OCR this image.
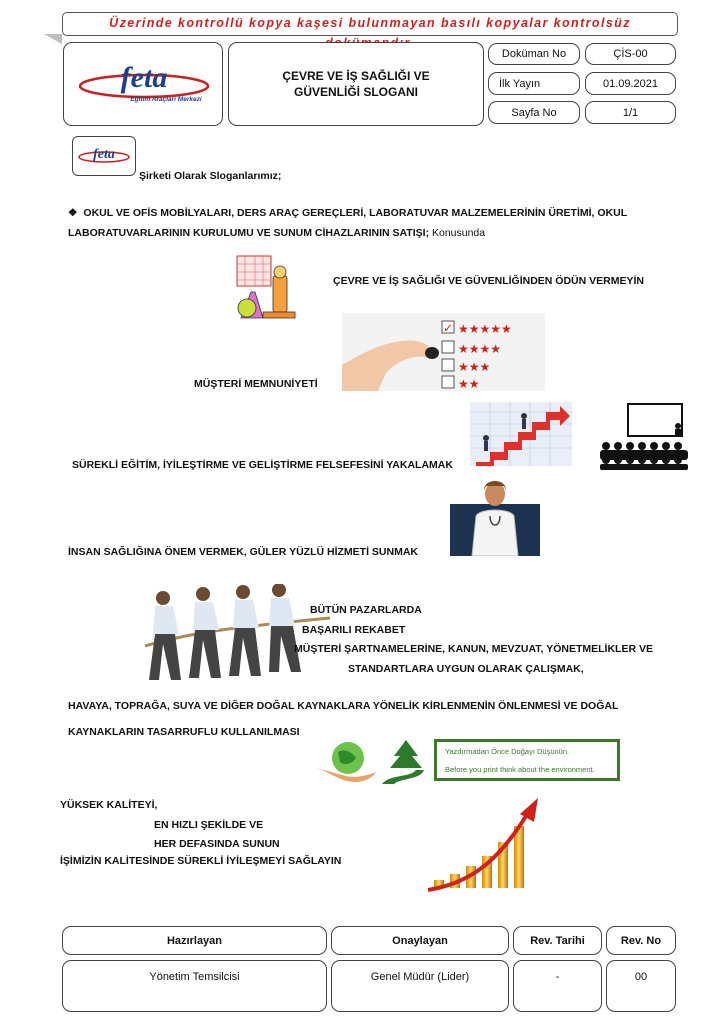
Üzerinde kontrollü kopya kaşesi bulunmayan basılı kopyalar kontrolsüz
feta
Eğitim Araçları Merkezi
ÇEVRE VE İŞ SAĞLIĞI VE GÜVENLİĞİ SLOGANI
Doküman No	ÇİS-00
İlk Yayın	01.09.2021
Sayfa No	1/1
feta
Şirketi Olarak Sloganlarımız;
❖ OKUL VE OFİS MOBİLYALARI, DERS ARAÇ GEREÇLERİ, LABORATUVAR MALZEMELERİNİN ÜRETİMİ, OKUL
LABORATUVARLARININ KURULUMU VE SUNUM CİHAZLARININ SATIŞI; Konusunda
ÇEVRE VE İŞ SAĞLIĞI VE GÜVENLİĞİNDEN ÖDÜN VERMEYİN
✓ ★★★★★
★★★★
★★★
★★
MÜŞTERİ MEMNUNİYETİ
SÜREKLİ EĞİTİM, İYİLEŞTİRME VE GELİŞTİRME FELSEFESİNİ YAKALAMAK
İNSAN SAĞLIĞINA ÖNEM VERMEK, GÜLER YÜZLÜ HİZMETİ SUNMAK
BÜTÜN PAZARLARDA
BAŞARILI REKABET
MÜŞTERİ ŞARTNAMELERİNE, KANUN, MEVZUAT, YÖNETMELİKLER VE
STANDARTLARA UYGUN OLARAK ÇALIŞMAK,
HAVAYA, TOPRAĞA, SUYA VE DİĞER DOĞAL KAYNAKLARA YÖNELİK KİRLENMENİN ÖNLENMESİ VE DOĞAL
KAYNAKLARIN TASARRUFLU KULLANILMASI
Yazdırmadan Önce Doğayı Düşünün.
Before you print think about the environment.
YÜKSEK KALİTEYİ,
EN HIZLI ŞEKİLDE VE
HER DEFASINDA SUNUN
İŞİMİZİN KALİTESİNDE SÜREKLİ İYİLEŞMEYİ SAĞLAYIN
Hazırlayan	Onaylayan	Rev. Tarihi	Rev. No
Yönetim Temsilcisi	Genel Müdür (Lider)	-	00
